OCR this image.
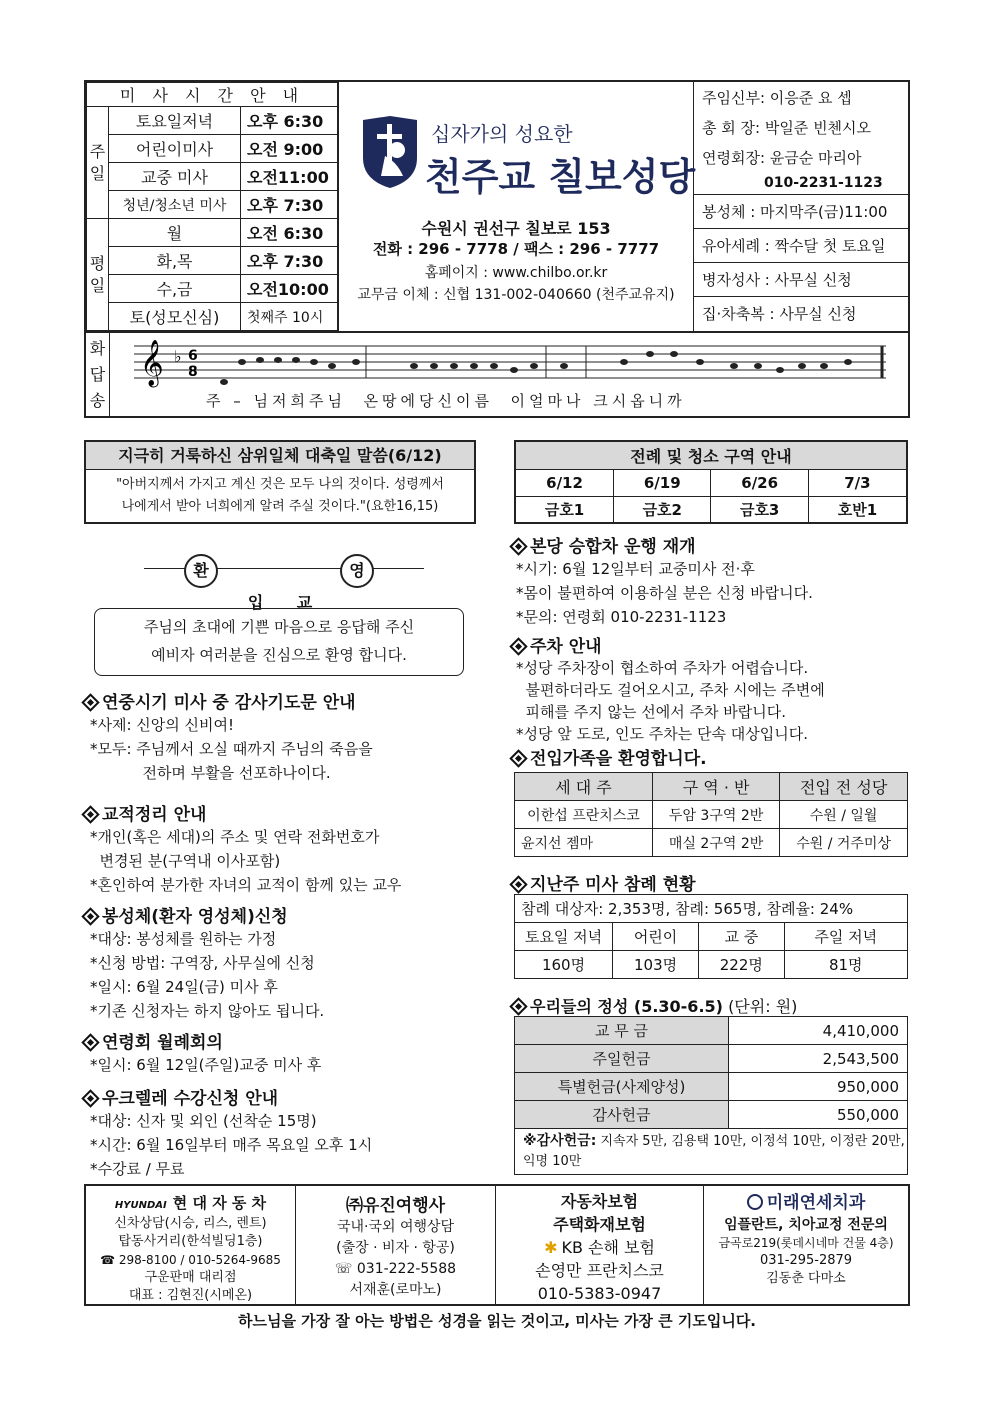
미 사 시 간 안 내		
주일	토요일저녁	오후 6:30
	어린이미사	오전 9:00
	교중 미사	오전11:00
	청년/청소년 미사	오후 7:30
평일	월	오전 6:30
	화,목	오후 7:30
	수,금	오전10:00
	토(성모신심)	첫째주 10시
십자가의 성요한
천주교 칠보성당
수원시 권선구 칠보로 153
전화 : 296 - 7778 / 팩스 : 296 - 7777
홈페이지 : www.chilbo.or.kr
교무금 이체 : 신협 131-002-040660 (천주교유지)
주임신부: 이응준 요 셉
총 회 장: 박일준 빈첸시오
연령회장: 윤금순 마리아
010-2231-1123
봉성체 : 마지막주(금)11:00
유아세례 : 짝수달 첫 토요일
병자성사 : 사무실 신청
집·차축복 : 사무실 신청
화답송
𝄞 ♭ 6
8
주 – 님저희주님  온땅에당신이름  이얼마나 크시옵니까
지극히 거룩하신 삼위일체 대축일 말씀(6/12)
"아버지께서 가지고 계신 것은 모두 나의 것이다. 성령께서
나에게서 받아 너희에게 알려 주실 것이다."(요한16,15)
환	영
입      교
주님의 초대에 기쁜 마음으로 응답해 주신
예비자 여러분을 진심으로 환영 합니다.
연중시기 미사 중 감사기도문 안내
*사제: 신앙의 신비여!
*모두: 주님께서 오실 때까지 주님의 죽음을
전하며 부활을 선포하나이다.
교적정리 안내
*개인(혹은 세대)의 주소 및 연락 전화번호가
변경된 분(구역내 이사포함)
*혼인하여 분가한 자녀의 교적이 함께 있는 교우
봉성체(환자 영성체)신청
*대상: 봉성체를 원하는 가정
*신청 방법: 구역장, 사무실에 신청
*일시: 6월 24일(금) 미사 후
*기존 신청자는 하지 않아도 됩니다.
연령회 월례회의
*일시: 6월 12일(주일)교중 미사 후
우크렐레 수강신청 안내
*대상: 신자 및 외인 (선착순 15명)
*시간: 6월 16일부터 매주 목요일 오후 1시
*수강료 / 무료
전례 및 청소 구역 안내			
6/12	6/19	6/26	7/3
금호1	금호2	금호3	호반1
본당 승합차 운행 재개
*시기: 6월 12일부터 교중미사 전·후
*몸이 불편하여 이용하실 분은 신청 바랍니다.
*문의: 연령회 010-2231-1123
주차 안내
*성당 주차장이 협소하여 주차가 어렵습니다.
불편하더라도 걸어오시고, 주차 시에는 주변에
피해를 주지 않는 선에서 주차 바랍니다.
*성당 앞 도로, 인도 주차는 단속 대상입니다.
전입가족을 환영합니다.
세 대 주	구 역 · 반	전입 전 성당
이한섭 프란치스코	두암 3구역 2반	수원 / 일월
윤지선 젬마	매실 2구역 2반	수원 / 거주미상
지난주 미사 참례 현황
참례 대상자: 2,353명, 참례: 565명, 참례율: 24%			
토요일 저녁	어린이	교 중	주일 저녁
160명	103명	222명	81명
우리들의 정성 (5.30-6.5) (단위: 원)
교 무 금	4,410,000
주일헌금	2,543,500
특별헌금(사제양성)	950,000
감사헌금	550,000

※감사헌금: 지속자 5만, 김용택 10만, 이정석 10만, 이정란 20만,
익명 10만	
HYUNDAI 현 대 자 동 차
신차상담(시승, 리스, 렌트)
탑동사거리(한석빌딩1층)
☎ 298-8100 / 010-5264-9685
구운판매 대리점
대표 : 김현진(시메온)
㈜유진여행사
국내·국외 여행상담
(출장 · 비자 · 항공)
☏ 031-222-5588
서재훈(로마노)
자동차보험
주택화재보험
✱ KB 손해 보험
손영만 프란치스코
010-5383-0947
미래연세치과
임플란트, 치아교정 전문의
금곡로219(롯데시네마 건물 4층)
031-295-2879
김동춘 다마소
하느님을 가장 잘 아는 방법은 성경을 읽는 것이고, 미사는 가장 큰 기도입니다.
